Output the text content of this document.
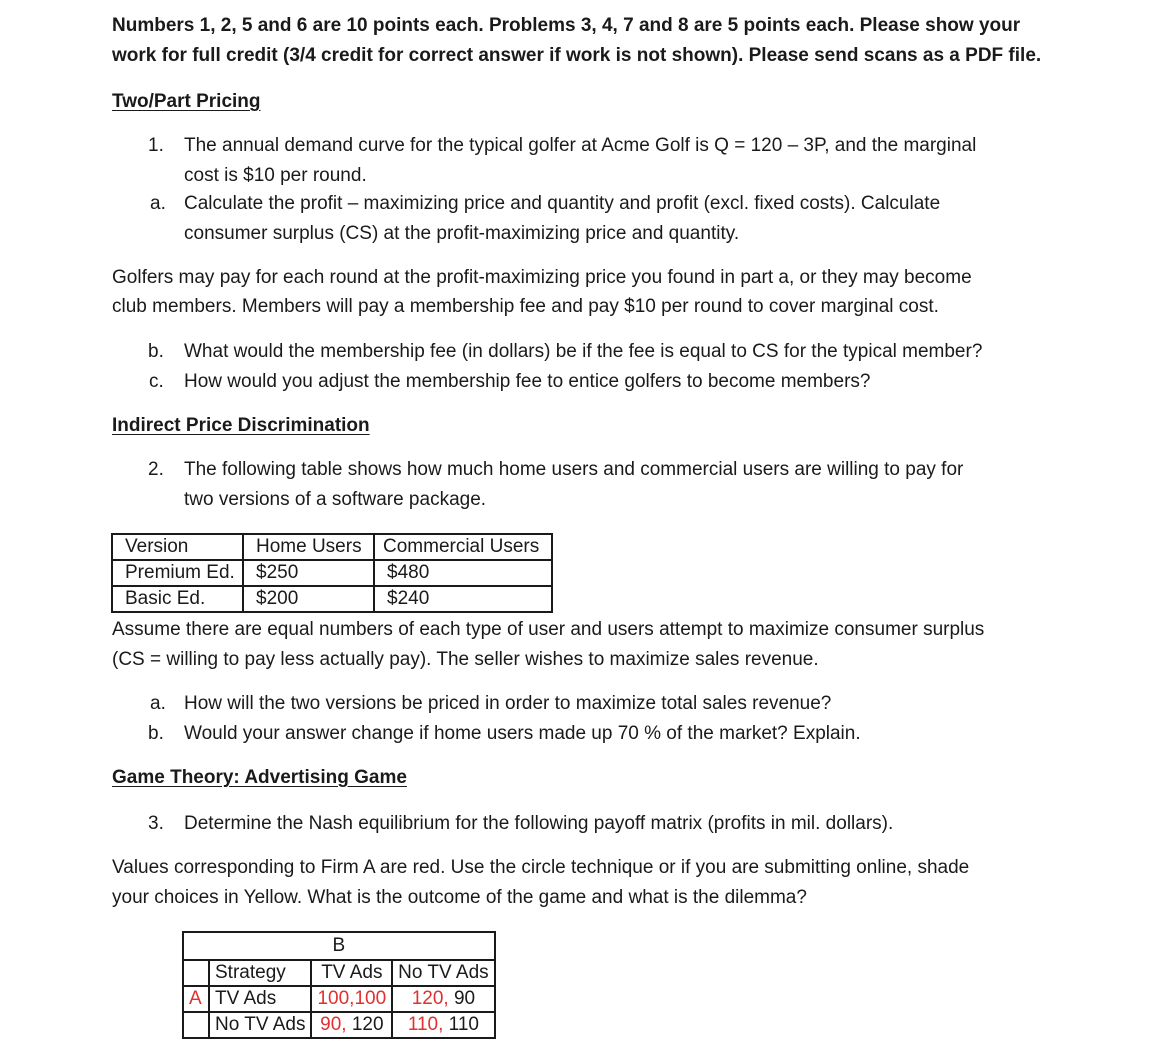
Numbers 1, 2, 5 and 6 are 10 points each. Problems 3, 4, 7 and 8 are 5 points each. Please show your
work for full credit (3/4 credit for correct answer if work is not shown). Please send scans as a PDF file.
Two/Part Pricing
1. The annual demand curve for the typical golfer at Acme Golf is Q = 120 – 3P, and the marginal
cost is $10 per round.
a. Calculate the profit – maximizing price and quantity and profit (excl. fixed costs). Calculate
consumer surplus (CS) at the profit-maximizing price and quantity.
Golfers may pay for each round at the profit-maximizing price you found in part a, or they may become
club members. Members will pay a membership fee and pay $10 per round to cover marginal cost.
b. What would the membership fee (in dollars) be if the fee is equal to CS for the typical member?
c. How would you adjust the membership fee to entice golfers to become members?
Indirect Price Discrimination
2. The following table shows how much home users and commercial users are willing to pay for
two versions of a software package.
Version	Home Users	Commercial Users
Premium Ed.	$250	$480
Basic Ed.	$200	$240
Assume there are equal numbers of each type of user and users attempt to maximize consumer surplus
(CS = willing to pay less actually pay). The seller wishes to maximize sales revenue.
a. How will the two versions be priced in order to maximize total sales revenue?
b. Would your answer change if home users made up 70 % of the market? Explain.
Game Theory: Advertising Game
3. Determine the Nash equilibrium for the following payoff matrix (profits in mil. dollars).
Values corresponding to Firm A are red. Use the circle technique or if you are submitting online, shade
your choices in Yellow. What is the outcome of the game and what is the dilemma?
B			
	Strategy	TV Ads	No TV Ads
A	TV Ads	100,100	120, 90
	No TV Ads	90, 120	110, 110
